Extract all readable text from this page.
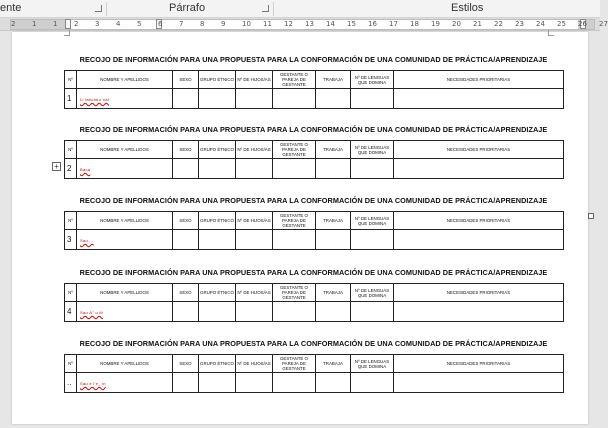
ente	Párrafo	Estilos
2 1 1 2 3 4 5 6 7 8 9 10 11 12 13 14 15 16 17 18 19 20 21 22 23 24 25 26 27
+
RECOJO DE INFORMACIÓN PARA UNA PROPUESTA PARA LA CONFORMACIÓN DE UNA COMUNIDAD DE PRÁCTICA/APRENDIZAJE
Nº	NOMBRE Y APELLIDOS	SEXO	GRUPO ÉTNICO	Nº DE HIJOS/AS	GESTANTE O PAREJA DE GESTANTE	TRABAJA	Nº DE LENGUAS QUE DOMINA	NECESIDADES PRIORITARIAS
1	Li lancheo Val							
RECOJO DE INFORMACIÓN PARA UNA PROPUESTA PARA LA CONFORMACIÓN DE UNA COMUNIDAD DE PRÁCTICA/APRENDIZAJE
Nº	NOMBRE Y APELLIDOS	SEXO	GRUPO ÉTNICO	Nº DE HIJOS/AS	GESTANTE O PAREJA DE GESTANTE	TRABAJA	Nº DE LENGUAS QUE DOMINA	NECESIDADES PRIORITARIAS
2	Baca							
RECOJO DE INFORMACIÓN PARA UNA PROPUESTA PARA LA CONFORMACIÓN DE UNA COMUNIDAD DE PRÁCTICA/APRENDIZAJE
Nº	NOMBRE Y APELLIDOS	SEXO	GRUPO ÉTNICO	Nº DE HIJOS/AS	GESTANTE O PAREJA DE GESTANTE	TRABAJA	Nº DE LENGUAS QUE DOMINA	NECESIDADES PRIORITARIAS
3	Sau ...							
RECOJO DE INFORMACIÓN PARA UNA PROPUESTA PARA LA CONFORMACIÓN DE UNA COMUNIDAD DE PRÁCTICA/APRENDIZAJE
Nº	NOMBRE Y APELLIDOS	SEXO	GRUPO ÉTNICO	Nº DE HIJOS/AS	GESTANTE O PAREJA DE GESTANTE	TRABAJA	Nº DE LENGUAS QUE DOMINA	NECESIDADES PRIORITARIAS
4	Sau A° u M							
RECOJO DE INFORMACIÓN PARA UNA PROPUESTA PARA LA CONFORMACIÓN DE UNA COMUNIDAD DE PRÁCTICA/APRENDIZAJE
Nº	NOMBRE Y APELLIDOS	SEXO	GRUPO ÉTNICO	Nº DE HIJOS/AS	GESTANTE O PAREJA DE GESTANTE	TRABAJA	Nº DE LENGUAS QUE DOMINA	NECESIDADES PRIORITARIAS
..	Sau e l'e_ in							
